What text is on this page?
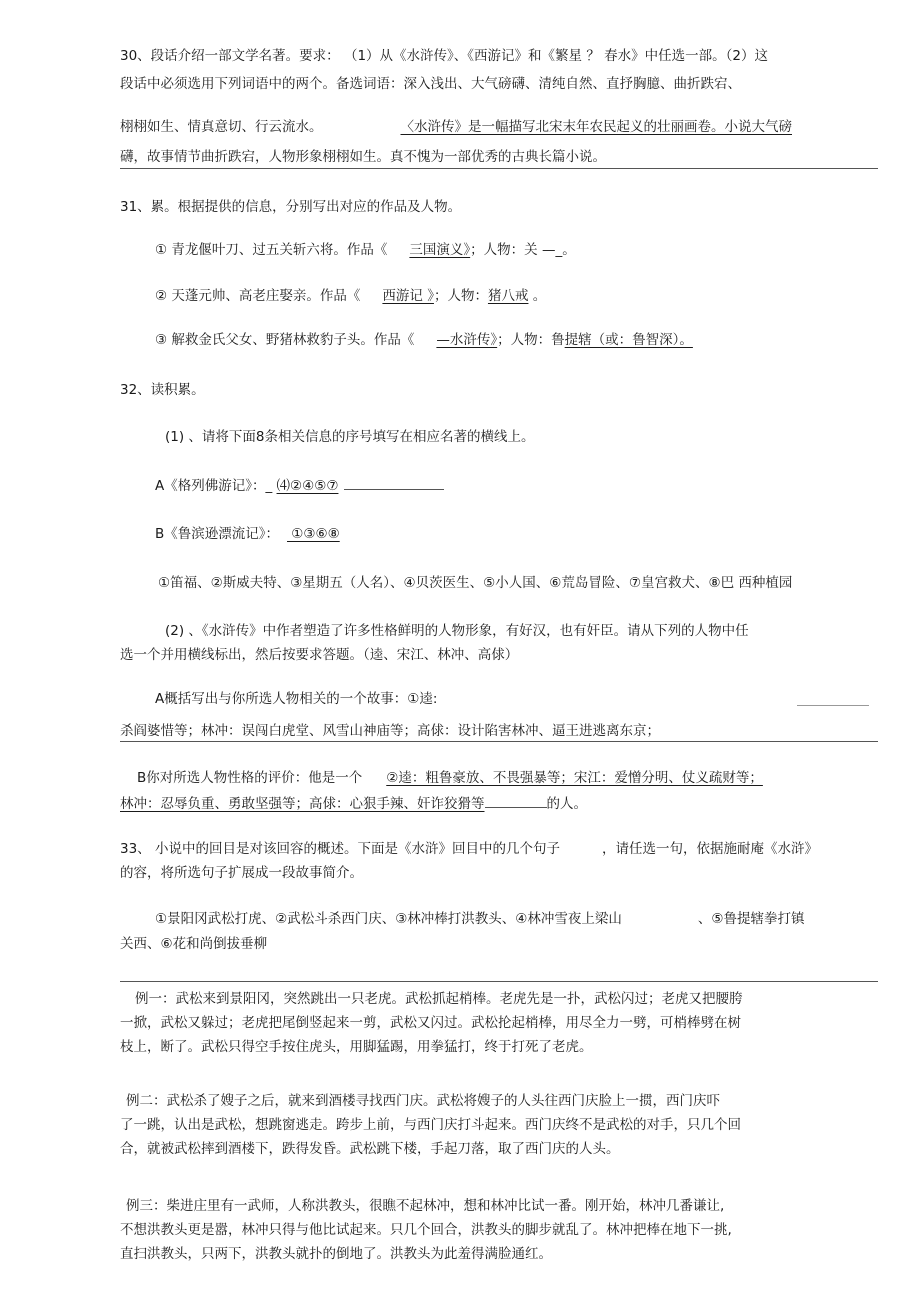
30、段话介绍一部文学名著。要求： （1）从《水浒传》、《西游记》和《繁星 ？ 春水》中任选一部。（2）这
段话中必须选用下列词语中的两个。备选词语：深入浅出、大气磅礴、清纯自然、直抒胸臆、曲折跌宕、
栩栩如生、情真意切、行云流水。	〈水浒传》是一幅描写北宋末年农民起义的壮丽画卷。小说大气磅
礴，故事情节曲折跌宕，人物形象栩栩如生。真不愧为一部优秀的古典长篇小说。
31、累。根据提供的信息，分别写出对应的作品及人物。
① 青龙偃叶刀、过五关斩六将。作品《 三国演义》；人物：关 —_。
② 天蓬元帅、高老庄娶亲。作品《 西游记 》；人物：猪八戒 。
③ 解救金氏父女、野猪林救豹子头。作品《 —水浒传》；人物：鲁提辖（或：鲁智深）。
32、读积累。
(1) 、请将下面8条相关信息的序号填写在相应名著的横线上。
A《格列佛游记》：_ ⑷②④⑤⑦
B《鲁滨逊漂流记》： ①③⑥⑧
①笛福、②斯威夫特、③星期五（人名）、④贝茨医生、⑤小人国、⑥荒岛冒险、⑦皇宫救犬、⑧巴 西种植园
(2) 、《水浒传》中作者塑造了许多性格鲜明的人物形象，有好汉，也有奸臣。请从下列的人物中任
选一个并用横线标出，然后按要求答题。（逵、宋江、林冲、高俅）
A概括写出与你所选人物相关的一个故事：①逵:
杀阎婆惜等；林冲：误闯白虎堂、风雪山神庙等；高俅：设计陷害林冲、逼王进逃离东京；
B你对所选人物性格的评价：他是一个 ②逵：粗鲁豪放、不畏强暴等；宋江：爱憎分明、仗义疏财等；
林冲：忍辱负重、勇敢坚强等；高俅：心狠手辣、奸诈狡猾等	的人。
33、 小说中的回目是对该回容的概述。下面是《水浒》回目中的几个句子	，请任选一句，依据施耐庵《水浒》
的容，将所选句子扩展成一段故事简介。
①景阳冈武松打虎、②武松斗杀西门庆、③林冲棒打洪教头、④林冲雪夜上梁山	、⑤鲁提辖拳打镇
关西、⑥花和尚倒拔垂柳
例一：武松来到景阳冈，突然跳出一只老虎。武松抓起梢棒。老虎先是一扑，武松闪过；老虎又把腰胯
一掀，武松又躲过；老虎把尾倒竖起来一剪，武松又闪过。武松抡起梢棒，用尽全力一劈，可梢棒劈在树
枝上，断了。武松只得空手按住虎头，用脚猛踢，用拳猛打，终于打死了老虎。
例二：武松杀了嫂子之后，就来到酒楼寻找西门庆。武松将嫂子的人头往西门庆脸上一掼，西门庆吓
了一跳，认出是武松，想跳窗逃走。跨步上前，与西门庆打斗起来。西门庆终不是武松的对手，只几个回
合，就被武松摔到酒楼下，跌得发昏。武松跳下楼，手起刀落，取了西门庆的人头。
例三：柴进庄里有一武师，人称洪教头，很瞧不起林冲，想和林冲比试一番。刚开始，林冲几番谦让,
不想洪教头更是嚣，林冲只得与他比试起来。只几个回合，洪教头的脚步就乱了。林冲把棒在地下一挑,
直扫洪教头，只两下，洪教头就扑的倒地了。洪教头为此羞得满脸通红。
